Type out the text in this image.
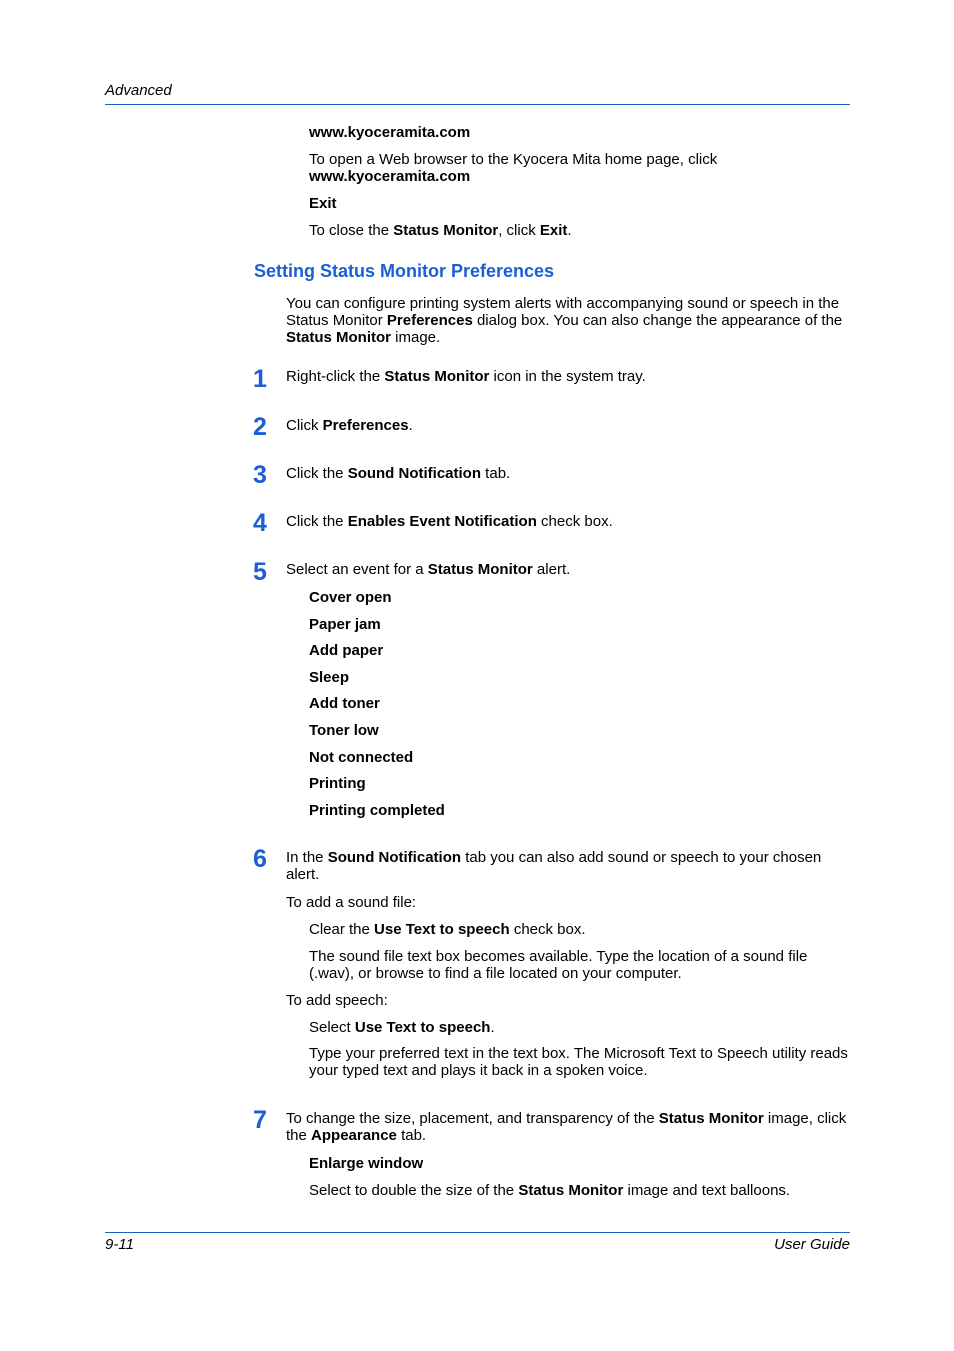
Advanced
www.kyoceramita.com
To open a Web browser to the Kyocera Mita home page, click
www.kyoceramita.com
Exit
To close the Status Monitor, click Exit.
Setting Status Monitor Preferences
You can configure printing system alerts with accompanying sound or speech in the Status Monitor Preferences dialog box. You can also change the appearance of the Status Monitor image.
1 Right-click the Status Monitor icon in the system tray.
2 Click Preferences.
3 Click the Sound Notification tab.
4 Click the Enables Event Notification check box.
5 Select an event for a Status Monitor alert.
Cover open
Paper jam
Add paper
Sleep
Add toner
Toner low
Not connected
Printing
Printing completed
6 In the Sound Notification tab you can also add sound or speech to your chosen alert.
To add a sound file:
Clear the Use Text to speech check box.
The sound file text box becomes available. Type the location of a sound file (.wav), or browse to find a file located on your computer.
To add speech:
Select Use Text to speech.
Type your preferred text in the text box. The Microsoft Text to Speech utility reads your typed text and plays it back in a spoken voice.
7 To change the size, placement, and transparency of the Status Monitor image, click the Appearance tab.
Enlarge window
Select to double the size of the Status Monitor image and text balloons.
9-11	User Guide
